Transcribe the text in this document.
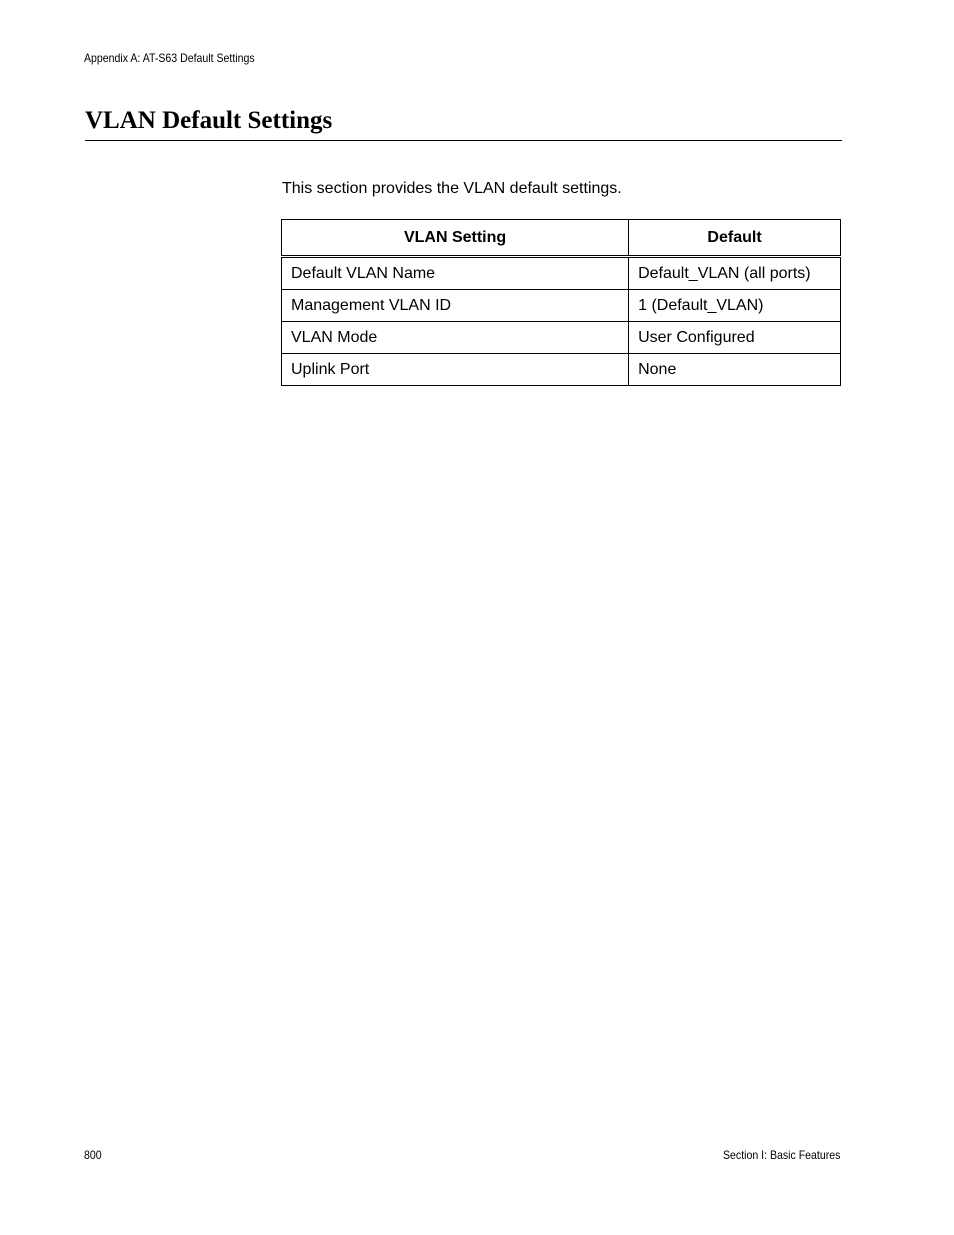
Appendix A: AT-S63 Default Settings
VLAN Default Settings

This section provides the VLAN default settings.

VLAN Setting	Default
Default VLAN Name	Default_VLAN (all ports)
Management VLAN ID	1 (Default_VLAN)
VLAN Mode	User Configured
Uplink Port	None
800	Section I: Basic Features
